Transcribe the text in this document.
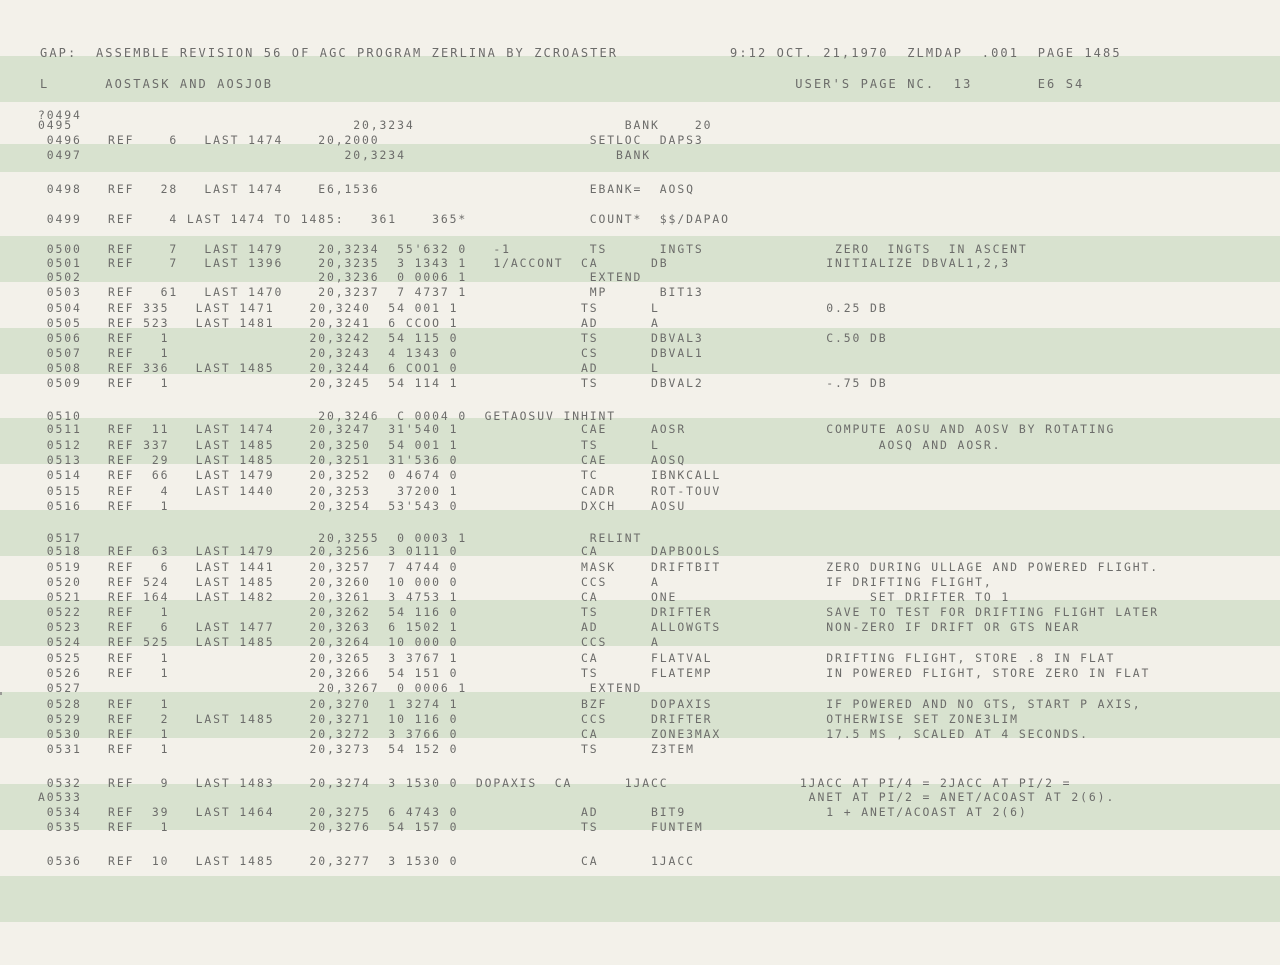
GAP:  ASSEMBLE REVISION 56 OF AGC PROGRAM ZERLINA BY ZCROASTER            9:12 OCT. 21,1970  ZLMDAP  .001  PAGE 1485
L      AOSTASK AND AOSJOB                                                        USER'S PAGE NC.  13       E6 S4
?0494
0495                                20,3234                        BANK    20
0496   REF    6   LAST 1474    20,2000                        SETLOC  DAPS3
0497                              20,3234                        BANK
0498   REF   28   LAST 1474    E6,1536                        EBANK=  AOSQ
0499   REF    4 LAST 1474 TO 1485:   361    365*              COUNT*  $$/DAPAO
0500   REF    7   LAST 1479    20,3234  55'632 0   -1         TS      INGTS               ZERO  INGTS  IN ASCENT
0501   REF    7   LAST 1396    20,3235  3 1343 1   1/ACCONT  CA      DB                  INITIALIZE DBVAL1,2,3
0502                           20,3236  0 0006 1              EXTEND
0503   REF   61   LAST 1470    20,3237  7 4737 1              MP      BIT13
0504   REF 335   LAST 1471    20,3240  54 001 1              TS      L                   0.25 DB
0505   REF 523   LAST 1481    20,3241  6 CCOO 1              AD      A
0506   REF   1                20,3242  54 115 0              TS      DBVAL3              C.50 DB
0507   REF   1                20,3243  4 1343 0              CS      DBVAL1
0508   REF 336   LAST 1485    20,3244  6 COO1 0              AD      L
0509   REF   1                20,3245  54 114 1              TS      DBVAL2              -.75 DB
0510                           20,3246  C 0004 0  GETAOSUV INHINT
0511   REF  11   LAST 1474    20,3247  31'540 1              CAE     AOSR                COMPUTE AOSU AND AOSV BY ROTATING
0512   REF 337   LAST 1485    20,3250  54 001 1              TS      L                         AOSQ AND AOSR.
0513   REF  29   LAST 1485    20,3251  31'536 0              CAE     AOSQ
0514   REF  66   LAST 1479    20,3252  0 4674 0              TC      IBNKCALL
0515   REF   4   LAST 1440    20,3253   37200 1              CADR    ROT-TOUV
0516   REF   1                20,3254  53'543 0              DXCH    AOSU
0517                           20,3255  0 0003 1              RELINT
0518   REF  63   LAST 1479    20,3256  3 0111 0              CA      DAPBOOLS
0519   REF   6   LAST 1441    20,3257  7 4744 0              MASK    DRIFTBIT            ZERO DURING ULLAGE AND POWERED FLIGHT.
0520   REF 524   LAST 1485    20,3260  10 000 0              CCS     A                   IF DRIFTING FLIGHT,
0521   REF 164   LAST 1482    20,3261  3 4753 1              CA      ONE                      SET DRIFTER TO 1
0522   REF   1                20,3262  54 116 0              TS      DRIFTER             SAVE TO TEST FOR DRIFTING FLIGHT LATER
0523   REF   6   LAST 1477    20,3263  6 1502 1              AD      ALLOWGTS            NON-ZERO IF DRIFT OR GTS NEAR
0524   REF 525   LAST 1485    20,3264  10 000 0              CCS     A
0525   REF   1                20,3265  3 3767 1              CA      FLATVAL             DRIFTING FLIGHT, STORE .8 IN FLAT
0526   REF   1                20,3266  54 151 0              TS      FLATEMP             IN POWERED FLIGHT, STORE ZERO IN FLAT
0527                           20,3267  0 0006 1              EXTEND
0528   REF   1                20,3270  1 3274 1              BZF     DOPAXIS             IF POWERED AND NO GTS, START P AXIS,
0529   REF   2   LAST 1485    20,3271  10 116 0              CCS     DRIFTER             OTHERWISE SET ZONE3LIM
0530   REF   1                20,3272  3 3766 0              CA      ZONE3MAX            17.5 MS , SCALED AT 4 SECONDS.
0531   REF   1                20,3273  54 152 0              TS      Z3TEM
0532   REF   9   LAST 1483    20,3274  3 1530 0  DOPAXIS  CA      1JACC               1JACC AT PI/4 = 2JACC AT PI/2 =
A0533                                                                                   ANET AT PI/2 = ANET/ACOAST AT 2(6).
0534   REF  39   LAST 1464    20,3275  6 4743 0              AD      BIT9                1 + ANET/ACOAST AT 2(6)
0535   REF   1                20,3276  54 157 0              TS      FUNTEM
0536   REF  10   LAST 1485    20,3277  3 1530 0              CA      1JACC
